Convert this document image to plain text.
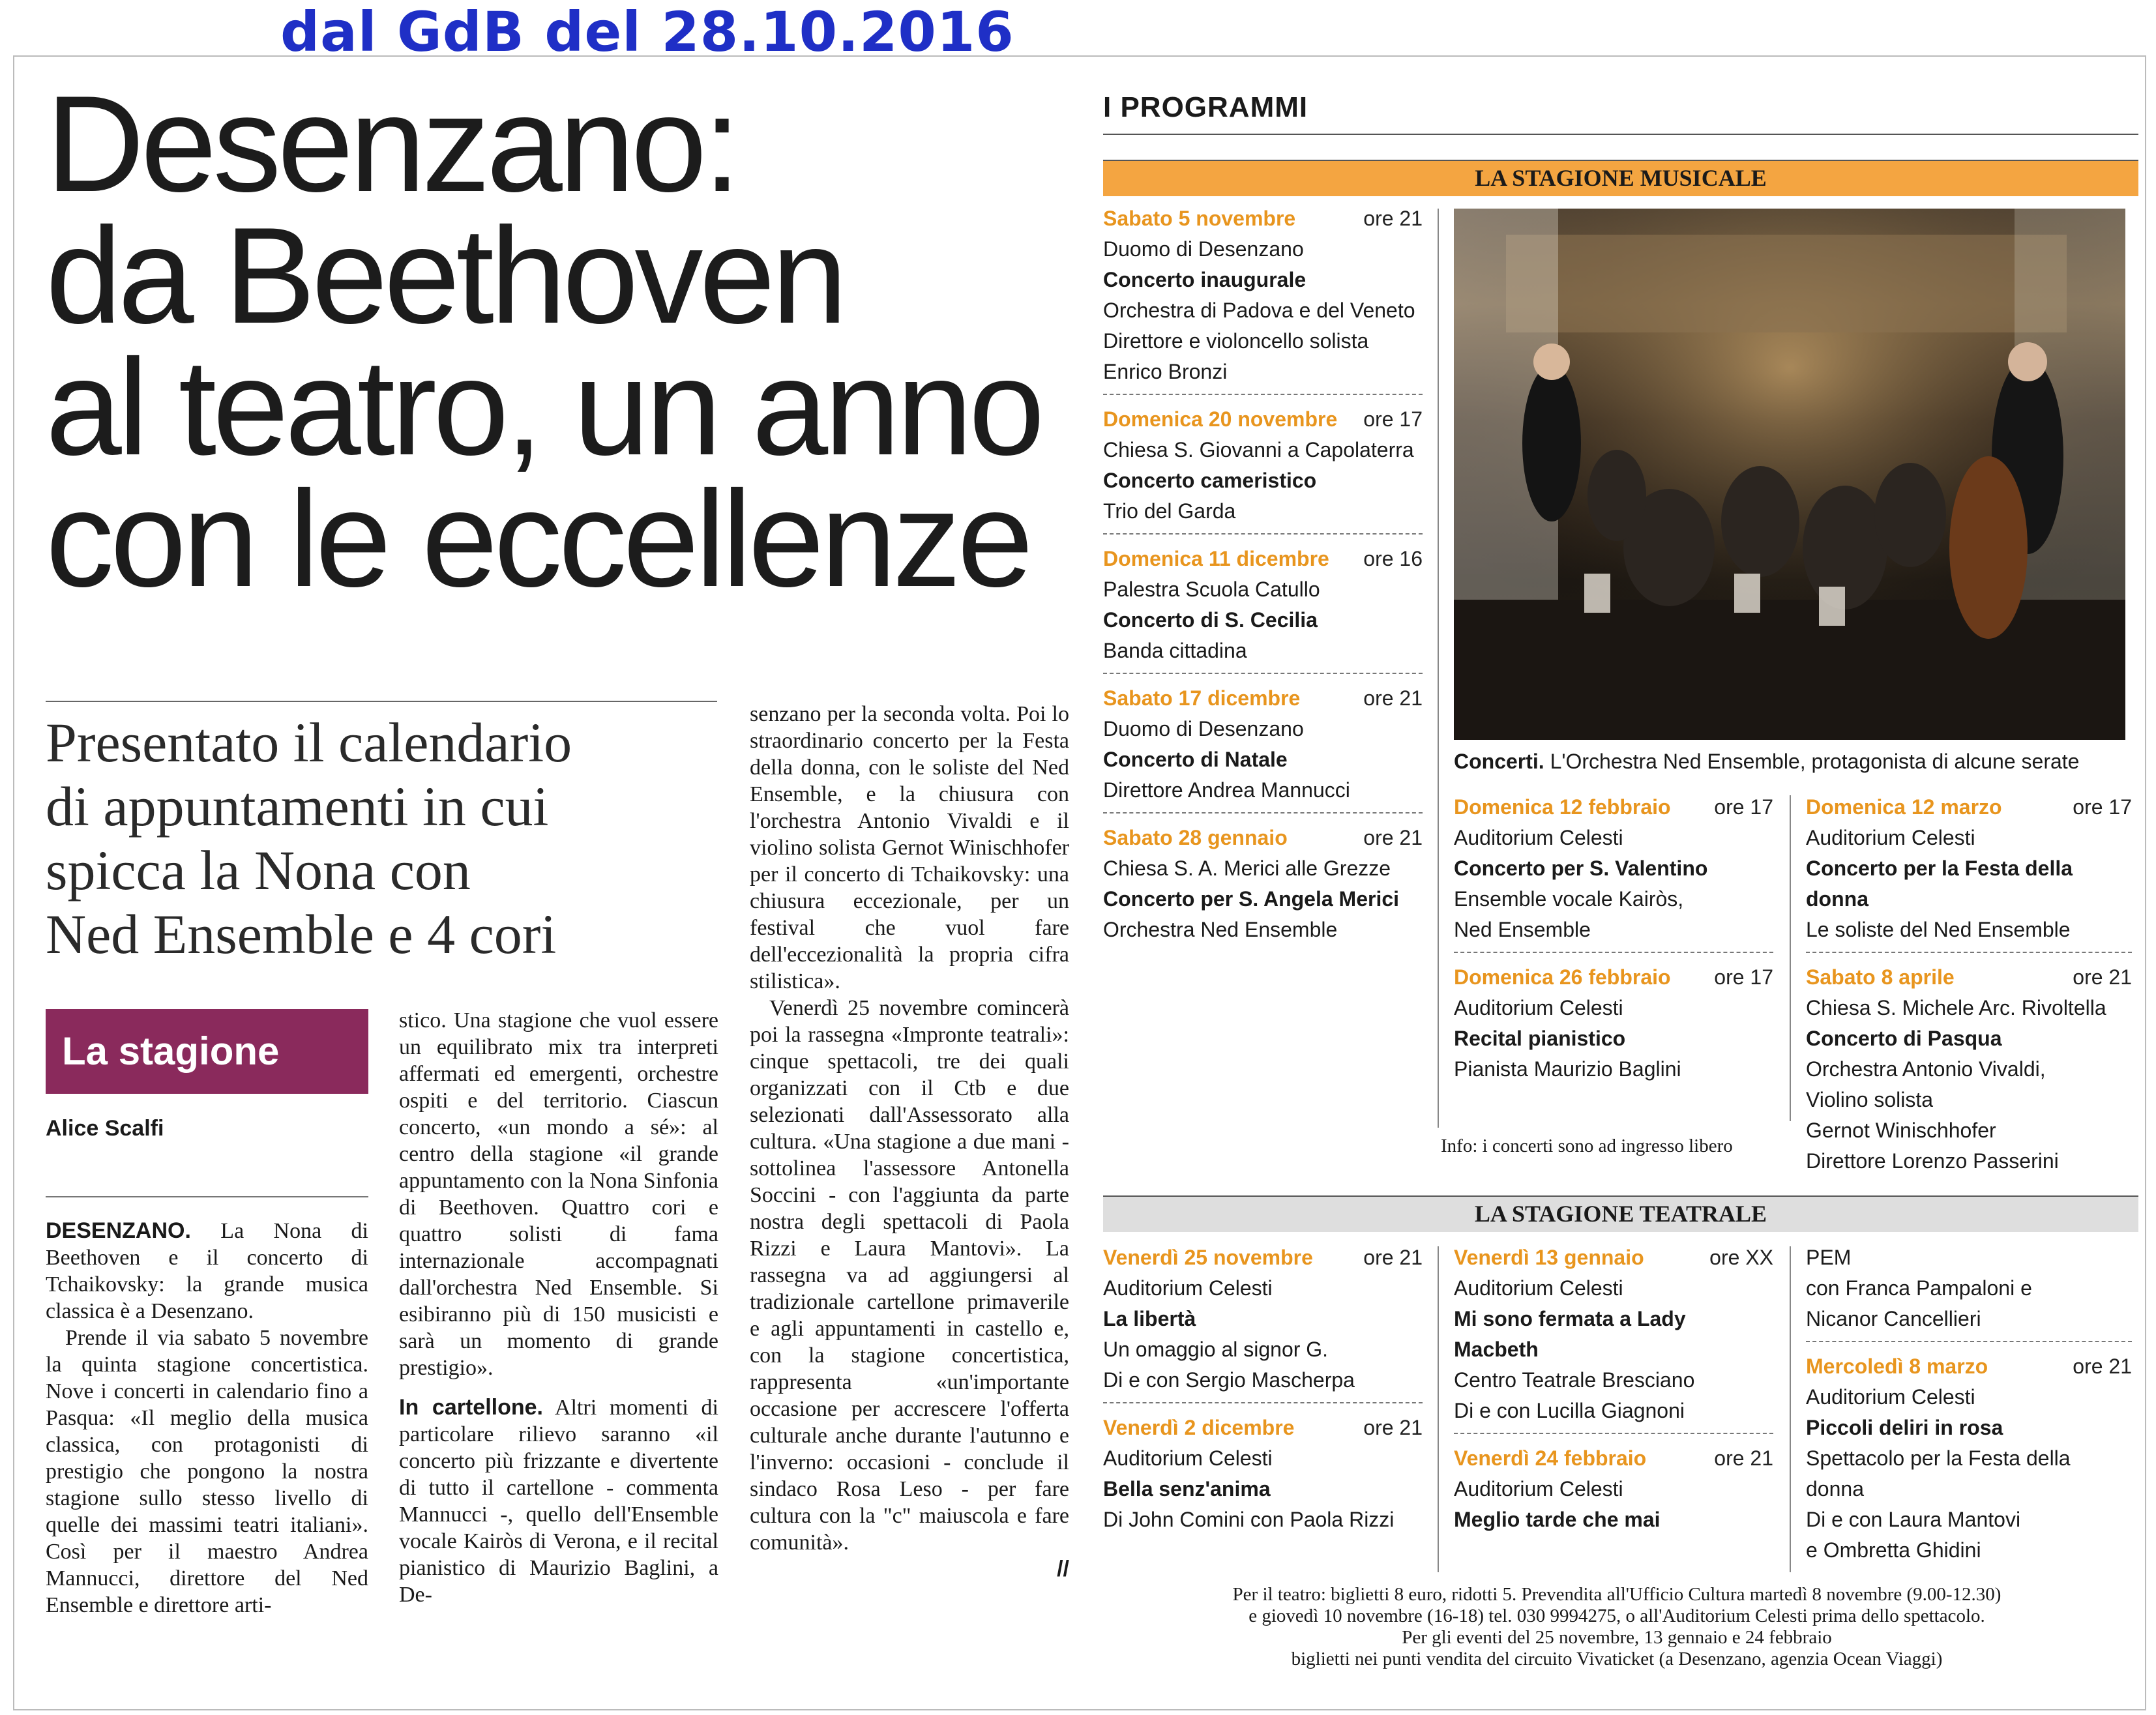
dal GdB del 28.10.2016
Desenzano:
da Beethoven
al teatro, un anno
con le eccellenze
Presentato il calendario
di appuntamenti in cui
spicca la Nona con
Ned Ensemble e 4 cori
La stagione
Alice Scalfi

DESENZANO. La Nona di Beethoven e il concerto di Tchaikovsky: la grande musica classica è a Desenzano.

Prende il via sabato 5 novembre la quinta stagione concertistica. Nove i concerti in calendario fino a Pasqua: «Il meglio della musica classica, con protagonisti di prestigio che pongono la nostra stagione sullo stesso livello di quelle dei massimi teatri italiani». Così per il maestro Andrea Mannucci, direttore del Ned Ensemble e direttore arti-

stico. Una stagione che vuol essere un equilibrato mix tra interpreti affermati ed emergenti, orchestre ospiti e del territorio. Ciascun concerto, «un mondo a sé»: al centro della stagione «il grande appuntamento con la Nona Sinfonia di Beethoven. Quattro cori e quattro solisti di fama internazionale accompagnati dall'orchestra Ned Ensemble. Si esibiranno più di 150 musicisti e sarà un momento di grande prestigio».

In cartellone. Altri momenti di particolare rilievo saranno «il concerto più frizzante e divertente di tutto il cartellone - commenta Mannucci -, quello dell'Ensemble vocale Kairòs di Verona, e il recital pianistico di Maurizio Baglini, a De-

senzano per la seconda volta. Poi lo straordinario concerto per la Festa della donna, con le soliste del Ned Ensemble, e la chiusura con l'orchestra Antonio Vivaldi e il violino solista Gernot Winischhofer per il concerto di Tchaikovsky: una chiusura eccezionale, per un festival che vuol fare dell'eccezionalità la propria cifra stilistica».

Venerdì 25 novembre comincerà poi la rassegna «Impronte teatrali»: cinque spettacoli, tre dei quali organizzati con il Ctb e due selezionati dall'Assessorato alla cultura. «Una stagione a due mani - sottolinea l'assessore Antonella Soccini - con l'aggiunta da parte nostra degli spettacoli di Paola Rizzi e Laura Mantovi». La rassegna va ad aggiungersi al tradizionale cartellone primaverile e agli appuntamenti in castello e, con la stagione concertistica, rappresenta «un'importante occasione per accrescere l'offerta culturale anche durante l'autunno e l'inverno: occasioni - conclude il sindaco Rosa Leso - per fare cultura con la "c" maiuscola e fare comunità».

//

I PROGRAMMI
LA STAGIONE MUSICALE
ore 21
Sabato 5 novembre
Duomo di Desenzano
Concerto inaugurale
Orchestra di Padova e del Veneto
Direttore e violoncello solista
Enrico Bronzi
ore 17
Domenica 20 novembre
Chiesa S. Giovanni a Capolaterra
Concerto cameristico
Trio del Garda
ore 16
Domenica 11 dicembre
Palestra Scuola Catullo
Concerto di S. Cecilia
Banda cittadina
ore 21
Sabato 17 dicembre
Duomo di Desenzano
Concerto di Natale
Direttore Andrea Mannucci
ore 21
Sabato 28 gennaio
Chiesa S. A. Merici alle Grezze
Concerto per S. Angela Merici
Orchestra Ned Ensemble
Concerti. L'Orchestra Ned Ensemble, protagonista di alcune serate
ore 17
Domenica 12 febbraio
Auditorium Celesti
Concerto per S. Valentino
Ensemble vocale Kairòs,
Ned Ensemble
ore 17
Domenica 26 febbraio
Auditorium Celesti
Recital pianistico
Pianista Maurizio Baglini
ore 17
Domenica 12 marzo
Auditorium Celesti
Concerto per la Festa della donna
Le soliste del Ned Ensemble
ore 21
Sabato 8 aprile
Chiesa S. Michele Arc. Rivoltella
Concerto di Pasqua
Orchestra Antonio Vivaldi,
Violino solista
Gernot Winischhofer
Direttore Lorenzo Passerini
Info: i concerti sono ad ingresso libero
LA STAGIONE TEATRALE
ore 21
Venerdì 25 novembre
Auditorium Celesti
La libertà
Un omaggio al signor G.
Di e con Sergio Mascherpa
ore 21
Venerdì 2 dicembre
Auditorium Celesti
Bella senz'anima
Di John Comini con Paola Rizzi
ore XX
Venerdì 13 gennaio
Auditorium Celesti
Mi sono fermata a Lady Macbeth
Centro Teatrale Bresciano
Di e con Lucilla Giagnoni
ore 21
Venerdì 24 febbraio
Auditorium Celesti
Meglio tarde che mai
PEM
con Franca Pampaloni e
Nicanor Cancellieri
ore 21
Mercoledì 8 marzo
Auditorium Celesti
Piccoli deliri in rosa
Spettacolo per la Festa della donna
Di e con Laura Mantovi
e Ombretta Ghidini
Per il teatro: biglietti 8 euro, ridotti 5. Prevendita all'Ufficio Cultura martedì 8 novembre (9.00-12.30)
e giovedì 10 novembre (16-18) tel. 030 9994275, o all'Auditorium Celesti prima dello spettacolo.
Per gli eventi del 25 novembre, 13 gennaio e 24 febbraio
biglietti nei punti vendita del circuito Vivaticket (a Desenzano, agenzia Ocean Viaggi)
